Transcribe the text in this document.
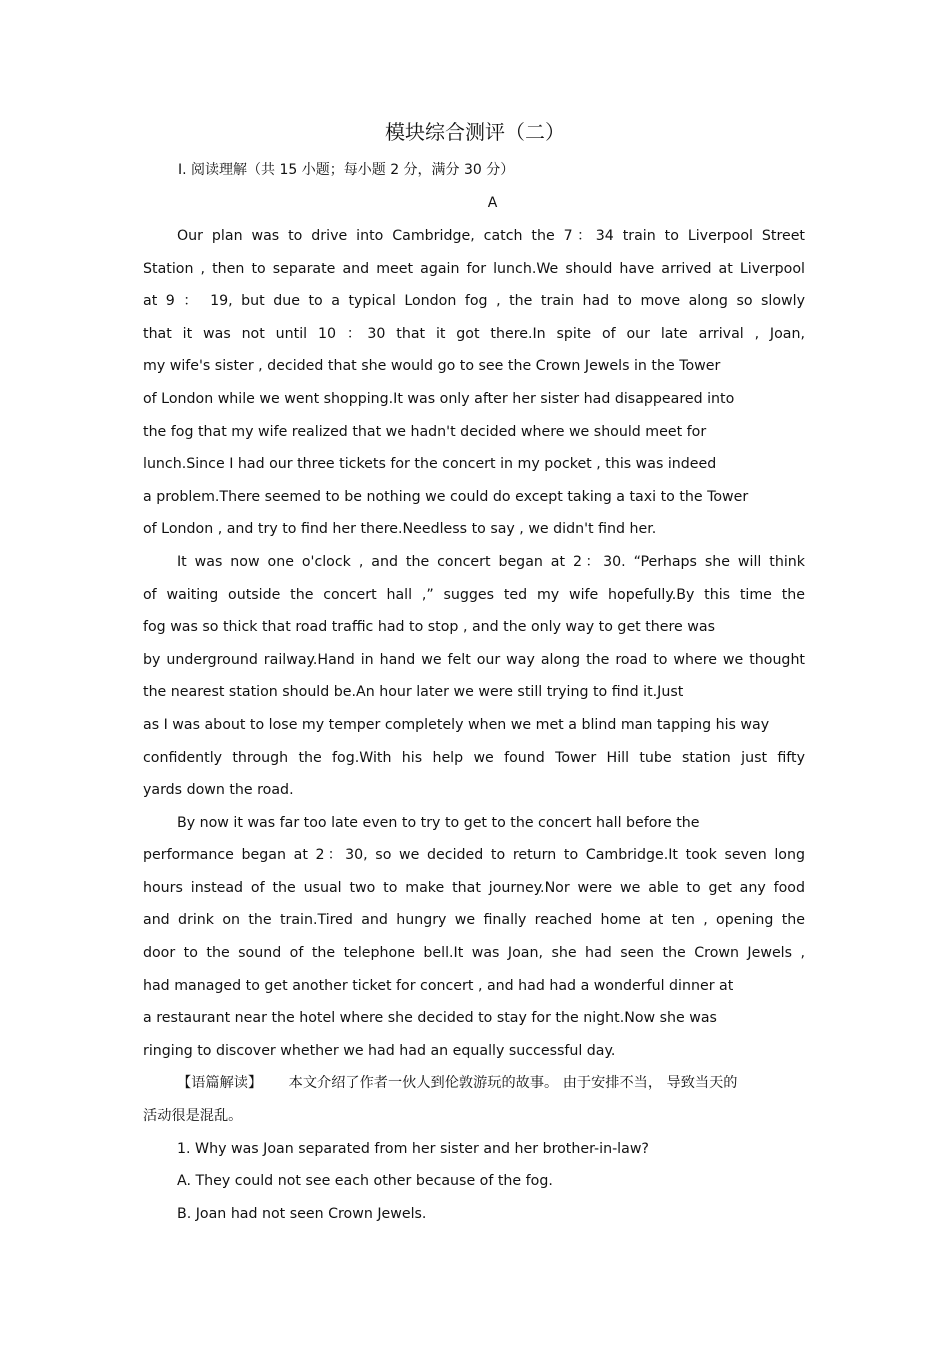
模块综合测评（二）
Ⅰ. 阅读理解（共 15 小题；每小题 2 分，满分 30 分）
A
Our plan was to drive into Cambridge, catch the 7：34 train to Liverpool Street
Station , then to separate and meet again for lunch.We should have arrived at Liverpool
at 9 ： 19, but due to a typical London fog , the train had to move along so slowly
that it was not until 10 ：30 that it got there.In spite of our late arrival , Joan,
my wife's sister , decided that she would go to see the Crown Jewels in the Tower
of London while we went shopping.It was only after her sister had disappeared into
the fog that my wife realized that we hadn't decided where we should meet for
lunch.Since I had our three tickets for the concert in my pocket , this was indeed
a problem.There seemed to be nothing we could do except taking a taxi to the Tower
of London , and try to find her there.Needless to say , we didn't find her.
It was now one o'clock , and the concert began at 2：30. “Perhaps she will think
of waiting outside the concert hall ,” sugges ted my wife hopefully.By this time the
fog was so thick that road traffic had to stop , and the only way to get there was
by underground railway.Hand in hand we felt our way along the road to where we thought
the nearest station should be.An hour later we were still trying to find it.Just
as I was about to lose my temper completely when we met a blind man tapping his way
confidently through the fog.With his help we found Tower Hill tube station just fifty
yards down the road.
By now it was far too late even to try to get to the concert hall before the
performance began at 2：30, so we decided to return to Cambridge.It took seven long
hours instead of the usual two to make that journey.Nor were we able to get any food
and drink on the train.Tired and hungry we finally reached home at ten , opening the
door to the sound of the telephone bell.It was Joan, she had seen the Crown Jewels ,
had managed to get another ticket for concert , and had had a wonderful dinner at
a restaurant near the hotel where she decided to stay for the night.Now she was
ringing to discover whether we had had an equally successful day.
【语篇解读】 本文介绍了作者一伙人到伦敦游玩的故事。 由于安排不当， 导致当天的
活动很是混乱。
1. Why was Joan separated from her sister and her brother-in-law?
A. They could not see each other because of the fog.
B. Joan had not seen Crown Jewels.
